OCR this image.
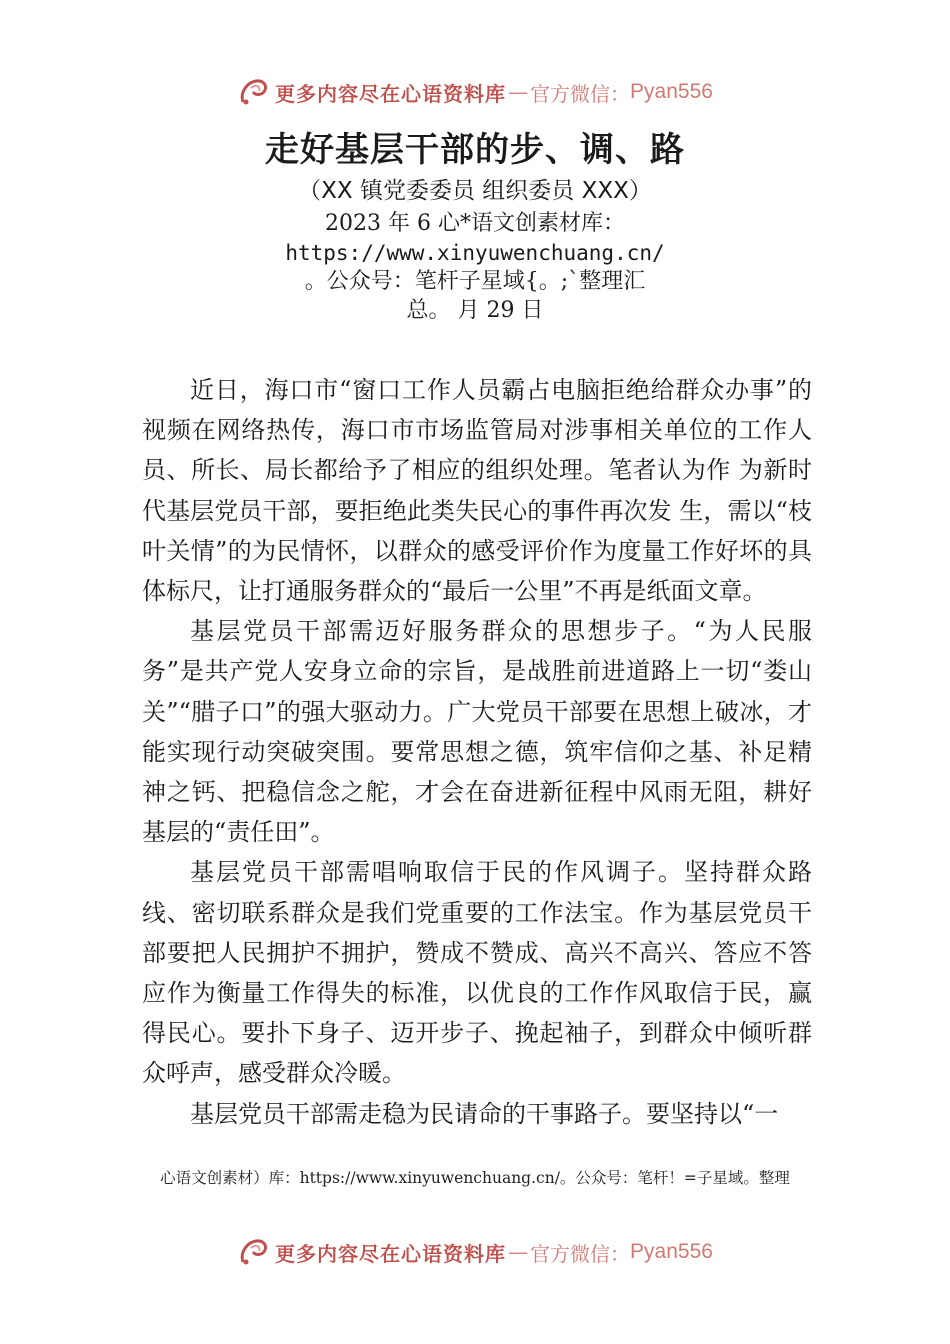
更多内容尽在心语资料库 — 官方微信： Pyan556
走好基层干部的步、调、路
（XX 镇党委委员 组织委员 XXX）
2023 年 6 心*语文创素材库：
https://www.xinyuwenchuang.cn/
。公众号：笔杆子星域{。;`整理汇
总。 月 29 日

近日，海口市“窗口工作人员霸占电脑拒绝给群众办事”的视频在网络热传，海口市市场监管局对涉事相关单位的工作人员、所长、局长都给予了相应的组织处理。笔者认为作 为新时代基层党员干部，要拒绝此类失民心的事件再次发 生，需以“枝叶关情”的为民情怀，以群众的感受评价作为度量工作好坏的具体标尺，让打通服务群众的“最后一公里”不再是纸面文章。

基层党员干部需迈好服务群众的思想步子。“为人民服务”是共产党人安身立命的宗旨，是战胜前进道路上一切“娄山关”“腊子口”的强大驱动力。广大党员干部要在思想上破冰，才能实现行动突破突围。要常思想之德，筑牢信仰之基、补足精神之钙、把稳信念之舵，才会在奋进新征程中风雨无阻，耕好基层的“责任田”。

基层党员干部需唱响取信于民的作风调子。坚持群众路线、密切联系群众是我们党重要的工作法宝。作为基层党员干部要把人民拥护不拥护，赞成不赞成、高兴不高兴、答应不答应作为衡量工作得失的标准，以优良的工作作风取信于民，赢得民心。要扑下身子、迈开步子、挽起袖子，到群众中倾听群众呼声，感受群众冷暖。

基层党员干部需走稳为民请命的干事路子。要坚持以“一

心语文创素材）库：https://www.xinyuwenchuang.cn/。公众号：笔杆！=子星域。整理
更多内容尽在心语资料库 — 官方微信： Pyan556
